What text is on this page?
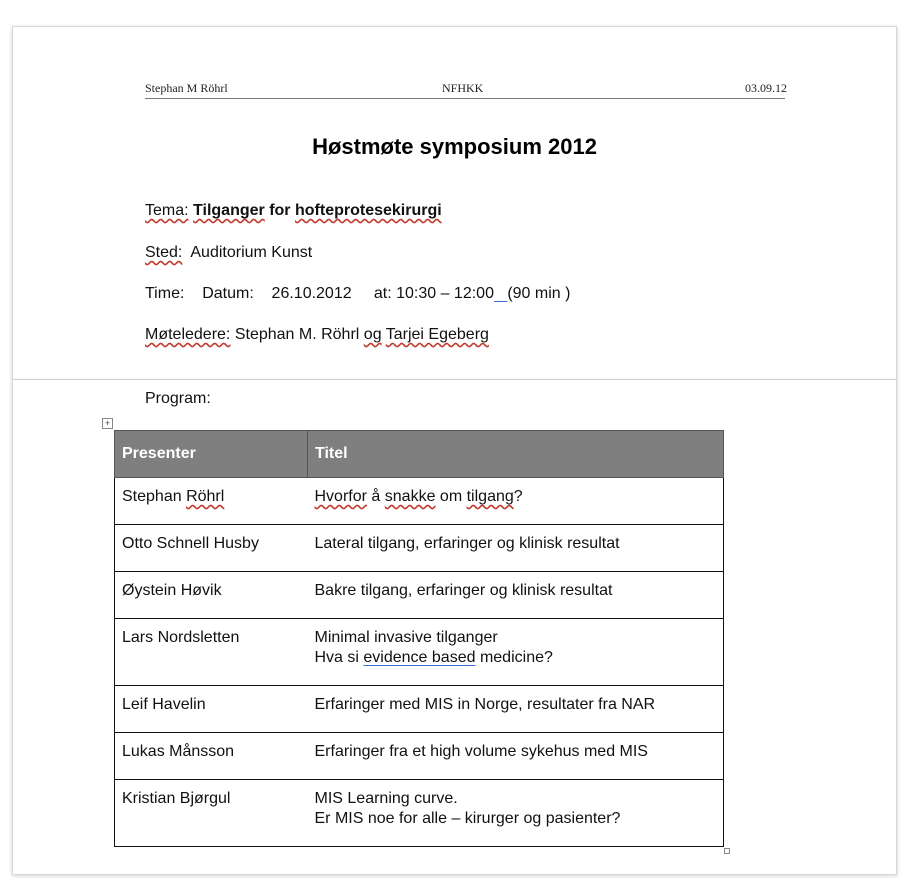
Stephan M Röhrl	NFHKK	03.09.12
Høstmøte symposium 2012
Tema: Tilganger for hofteprotesekirurgi
Sted: Auditorium Kunst
Time: Datum: 26.10.2012 at: 10:30 – 12:00 (90 min )
Møteledere: Stephan M. Röhrl og Tarjei Egeberg
Program:
+
Presenter	Titel
Stephan Röhrl	Hvorfor å snakke om tilgang?
Otto Schnell Husby	Lateral tilgang, erfaringer og klinisk resultat
Øystein Høvik	Bakre tilgang, erfaringer og klinisk resultat
Lars Nordsletten	Minimal invasive tilganger
Hva si evidence based medicine?
Leif Havelin	Erfaringer med MIS in Norge, resultater fra NAR
Lukas Månsson	Erfaringer fra et high volume sykehus med MIS
Kristian Bjørgul	MIS Learning curve.
Er MIS noe for alle – kirurger og pasienter?
